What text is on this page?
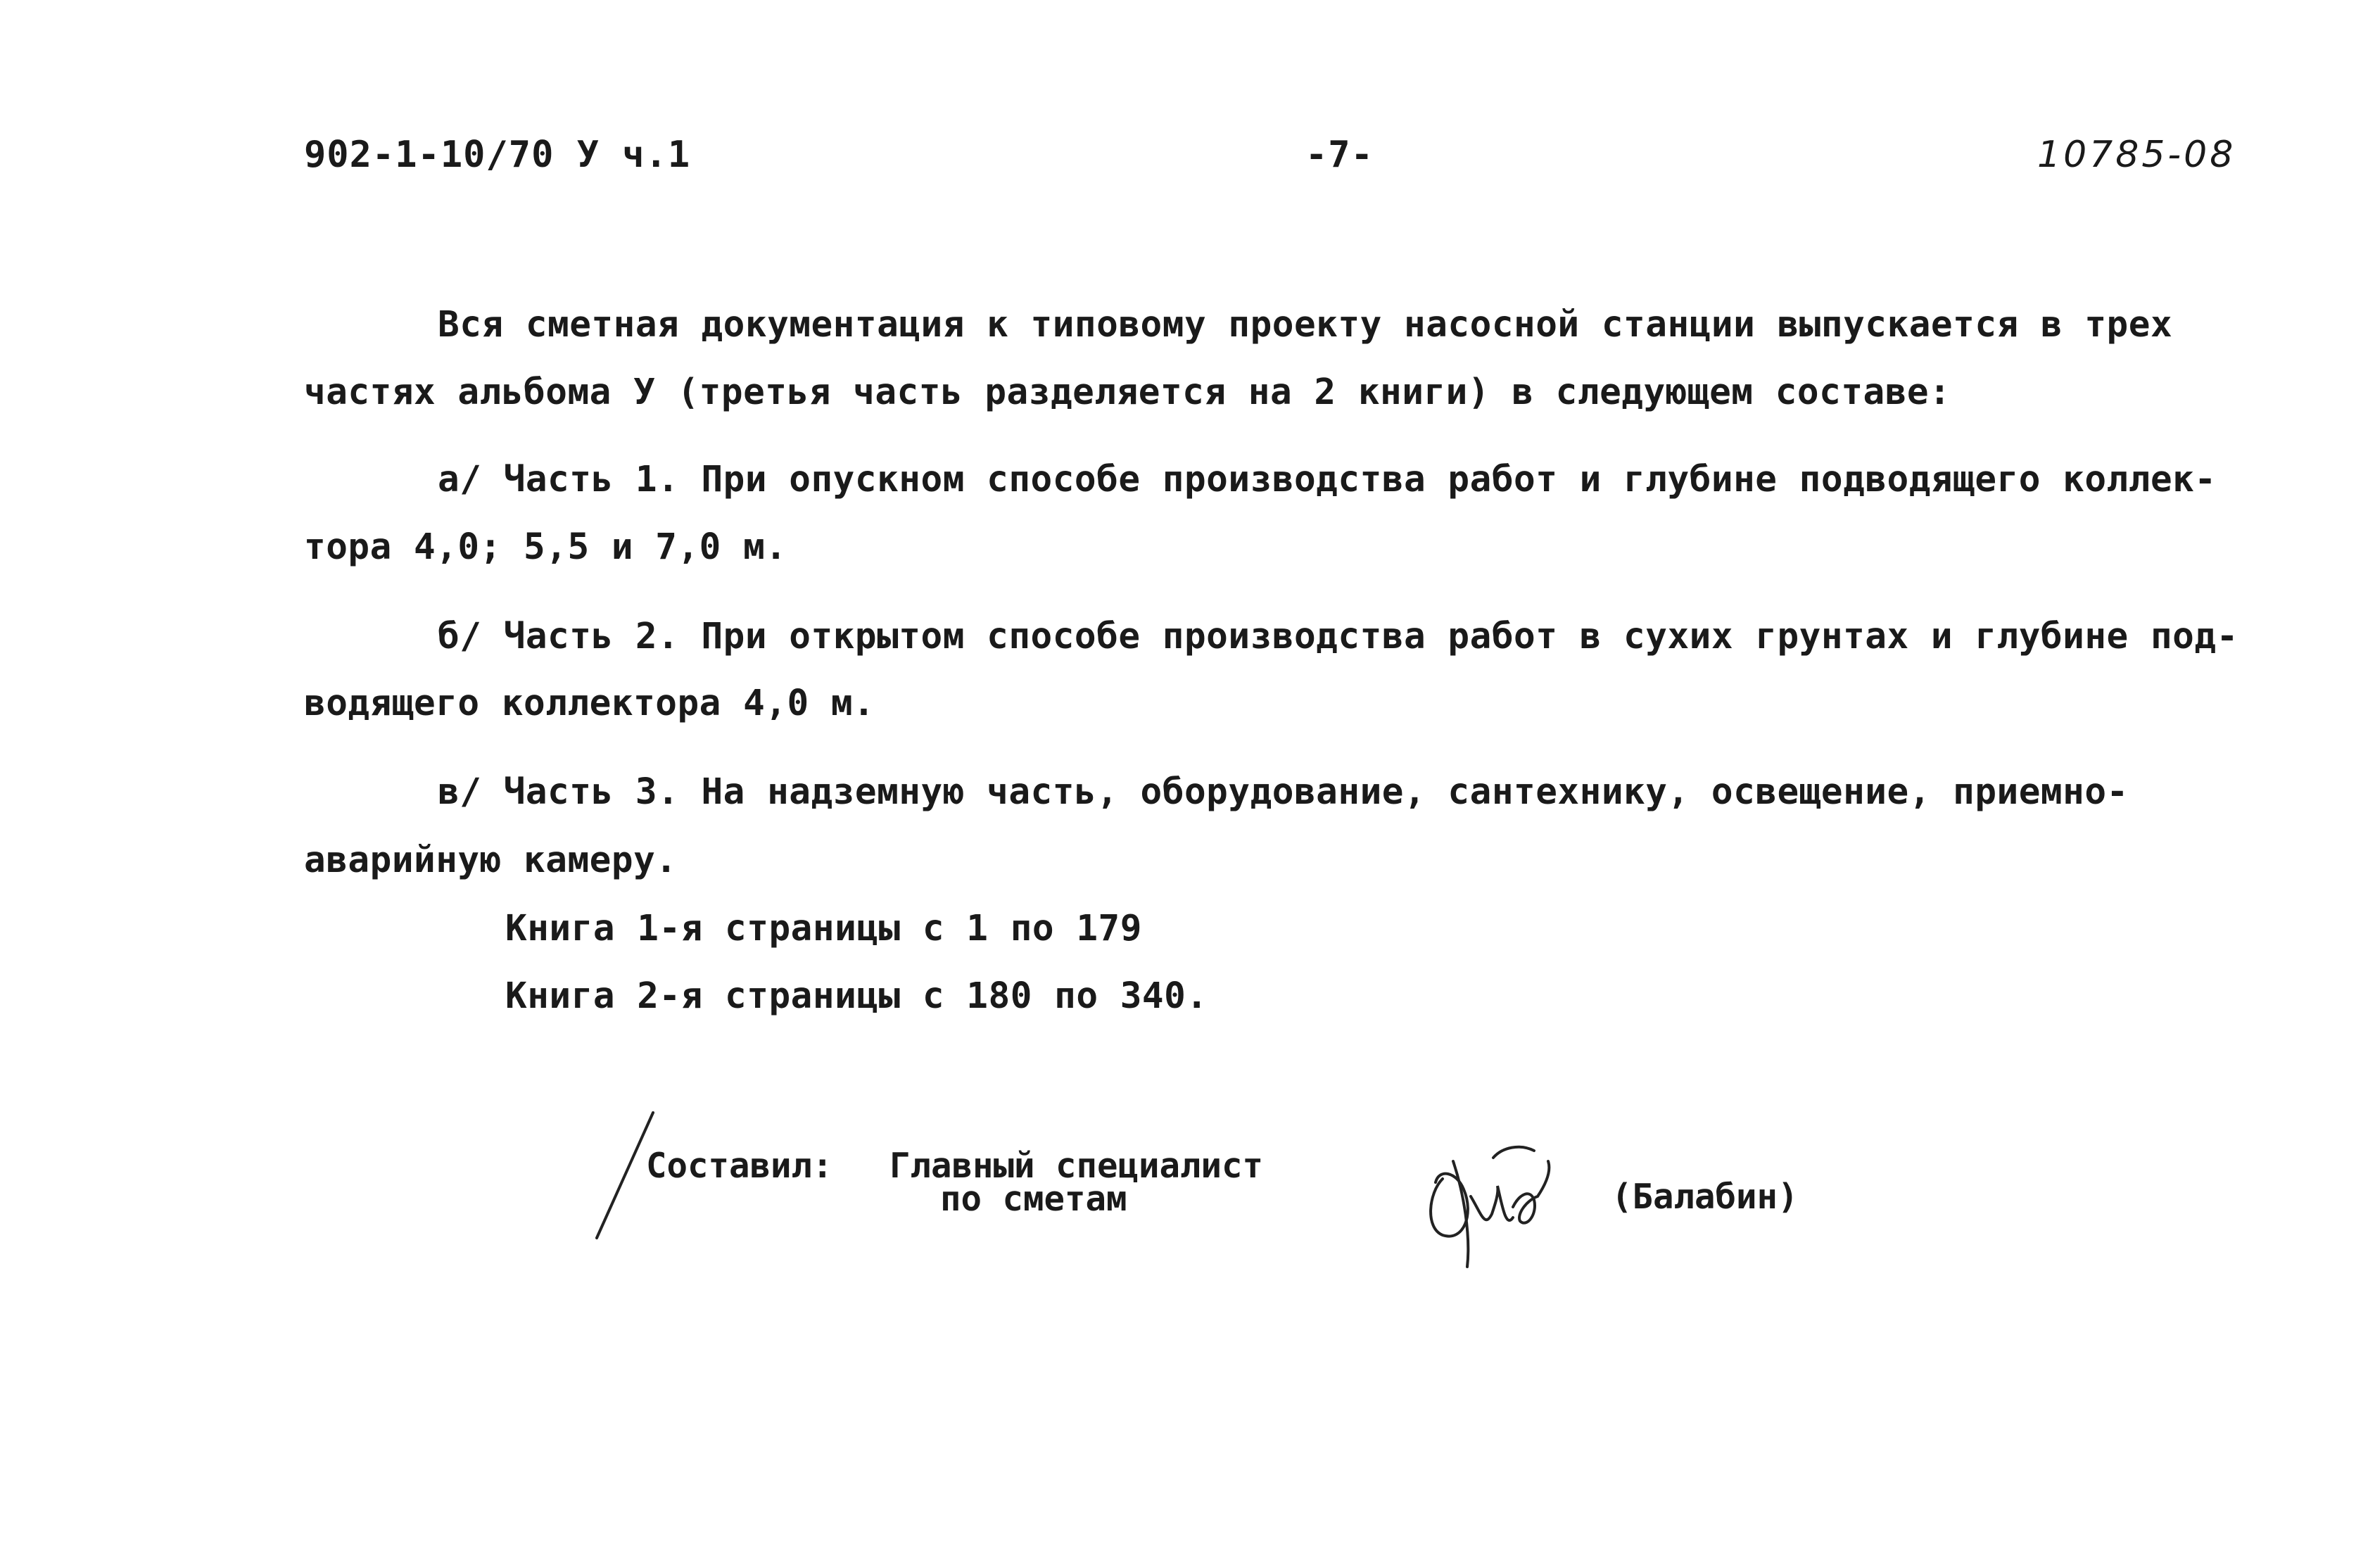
902-1-10/70 У ч.1	-7-	10785-08
Вся сметная документация к типовому проекту насосной станции выпускается в трех
частях альбома У (третья часть разделяется на 2 книги) в следующем составе:
а/ Часть 1. При опускном способе производства работ и глубине подводящего коллек-
тора 4,0; 5,5 и 7,0 м.
б/ Часть 2. При открытом способе производства работ в сухих грунтах и глубине под-
водящего коллектора 4,0 м.
в/ Часть 3. На надземную часть, оборудование, сантехнику, освещение, приемно-
аварийную камеру.
Книга 1-я страницы с 1 по 179
Книга 2-я страницы с 180 по 340.
Составил: Главный специалист
по сметам	(Балабин)
